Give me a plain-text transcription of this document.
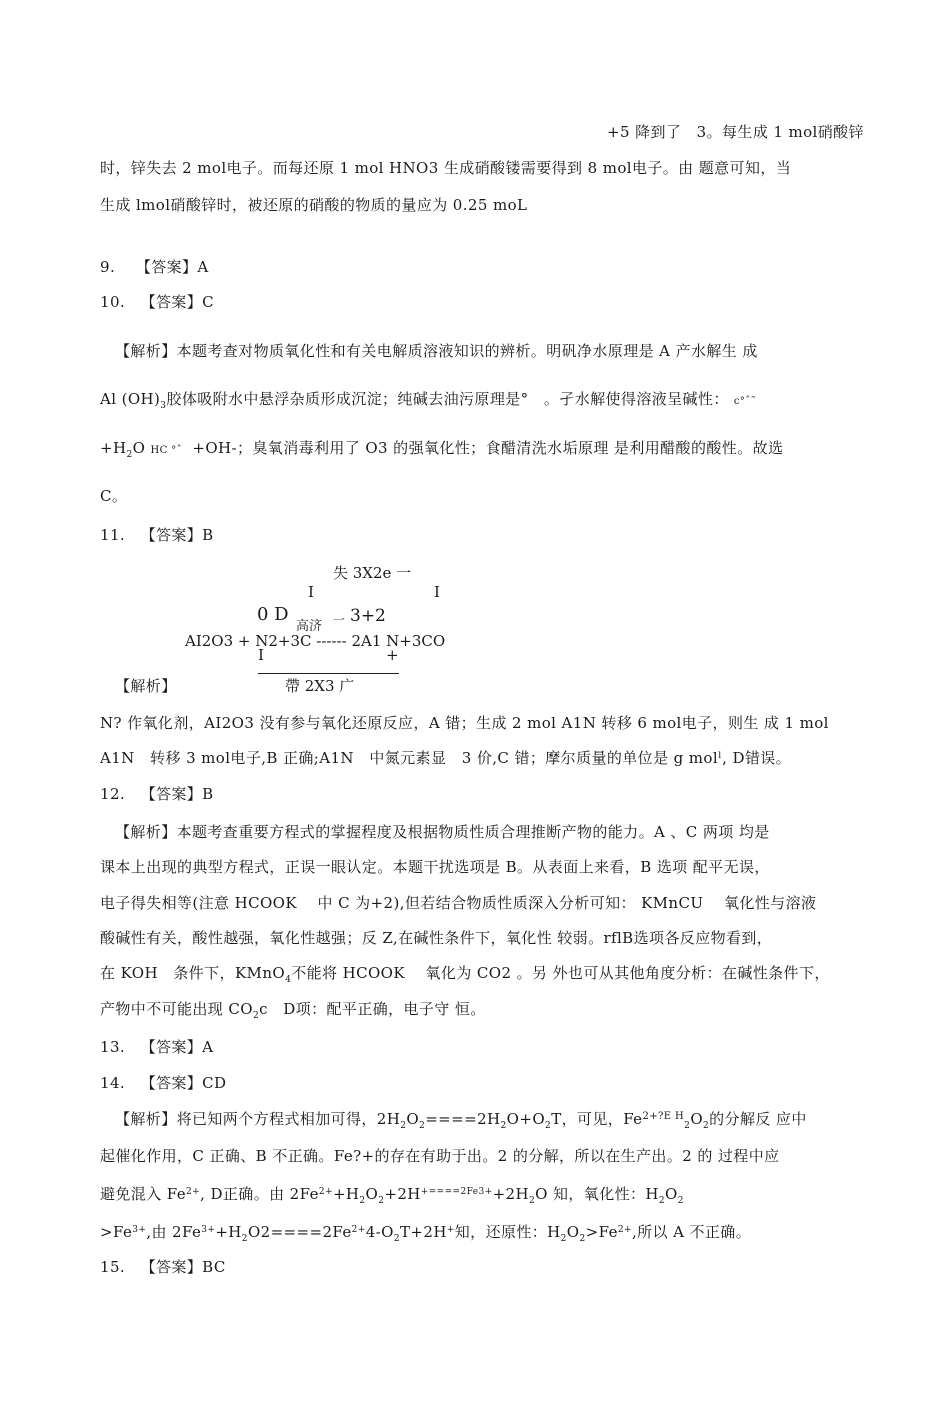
+5 降到了　3。每生成 1 mol硝酸锌
时，锌失去 2 mol电子。而每还原 1 mol HNO3 生成硝酸镂需要得到 8 mol电子。由 题意可知，当
生成 lmol硝酸锌时，被还原的硝酸的物质的量应为 0.25 moL
9. 【答案】A
10. 【答案】C
【解析】本题考查对物质氧化性和有关电解质溶液知识的辨析。明矾净水原理是 A 产水解生 成
Al $(OH)_3$胶体吸附水中悬浮杂质形成沉淀；纯碱去油污原理是°　。孑水解使得溶液呈碱性： c°ˆ˜
$+H_2O$ HC °ˆ +OH-；臭氧消毒利用了 O3 的强氧化性；食醋清洗水垢原理 是利用醋酸的酸性。故选
C。
11. 【答案】B
失 3X2e 一
I	I
0 D
高济 一 3+2
AI2O3 + N2+3C ------ 2A1 N+3CO
I	+
帶 2X3 广
【解析】
N? 作氧化剂，AI2O3 没有参与氧化还原反应，A 错；生成 2 mol A1N 转移 6 mol电子，则生 成 1 mol
A1N　转移 3 mol电子,B 正确;A1N　中氮元素显　3 价,C 错；摩尔质量的单位是 g molˡ, D错误。
12. 【答案】B
【解析】本题考查重要方程式的掌握程度及根据物质性质合理推断产物的能力。A 、C 两项 均是
课本上出现的典型方程式，正误一眼认定。本题干扰选项是 B。从表面上来看，B 选项 配平无误，
电子得失相等(注意 HCOOK　 中 C 为+2),但若结合物质性质深入分析可知： KMnCU　 氧化性与溶液
酸碱性有关，酸性越强，氧化性越强；反 Z,在碱性条件下，氧化性 较弱。rflB选项各反应物看到，
在 KOH　条件下，KMnO$_4$不能将 HCOOK　 氧化为 CO2 。另 外也可从其他角度分析：在碱性条件下，
产物中不可能出现 $CO_2c$　D项：配平正确，电子守 恒。
13. 【答案】A
14. 【答案】CD
【解析】将已知两个方程式相加可得，$2H_2O_2====2H_2O+O_2T$，可见，$Fe^{2+?E H}_2O_2$的分解反 应中
起催化作用，C 正确、B 不正确。Fe?+的存在有助于出。2 的分解，所以在生产出。2 的 过程中应
避免混入 $Fe^{2+}$, D正确。由 $2Fe^{2+}+H_2O_2+2H^{+====2Fe3+}+2H_2O$ 知，氧化性：$H_2O_2$
$>Fe^{3+}$,由 $2Fe^{3+}+H_2O2====2Fe^{2+}4-O_2T+2H^+$知，还原性：$H_2O_2>Fe^{2+}$,所以 A 不正确。
15. 【答案】BC
